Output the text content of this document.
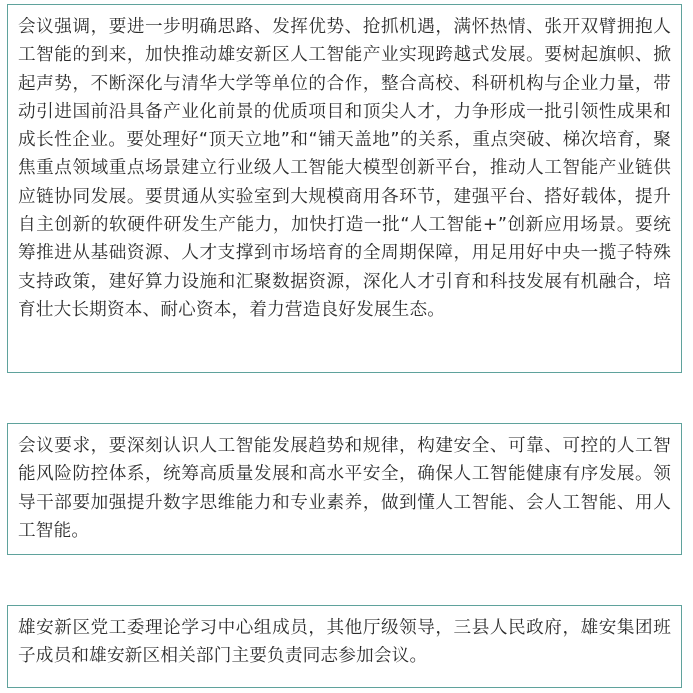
会议强调，要进一步明确思路、发挥优势、抢抓机遇，满怀热情、张开双臂拥抱人工智能的到来，加快推动雄安新区人工智能产业实现跨越式发展。要树起旗帜、掀起声势，不断深化与清华大学等单位的合作，整合高校、科研机构与企业力量，带动引进国前沿具备产业化前景的优质项目和顶尖人才，力争形成一批引领性成果和成长性企业。要处理好“顶天立地”和“铺天盖地”的关系，重点突破、梯次培育，聚焦重点领域重点场景建立行业级人工智能大模型创新平台，推动人工智能产业链供应链协同发展。要贯通从实验室到大规模商用各环节，建强平台、搭好载体，提升自主创新的软硬件研发生产能力，加快打造一批“人工智能+”创新应用场景。要统筹推进从基础资源、人才支撑到市场培育的全周期保障，用足用好中央一揽子特殊支持政策，建好算力设施和汇聚数据资源，深化人才引育和科技发展有机融合，培育壮大长期资本、耐心资本，着力营造良好发展生态。
会议要求，要深刻认识人工智能发展趋势和规律，构建安全、可靠、可控的人工智能风险防控体系，统筹高质量发展和高水平安全，确保人工智能健康有序发展。领导干部要加强提升数字思维能力和专业素养，做到懂人工智能、会人工智能、用人工智能。
雄安新区党工委理论学习中心组成员，其他厅级领导，三县人民政府，雄安集团班子成员和雄安新区相关部门主要负责同志参加会议。
